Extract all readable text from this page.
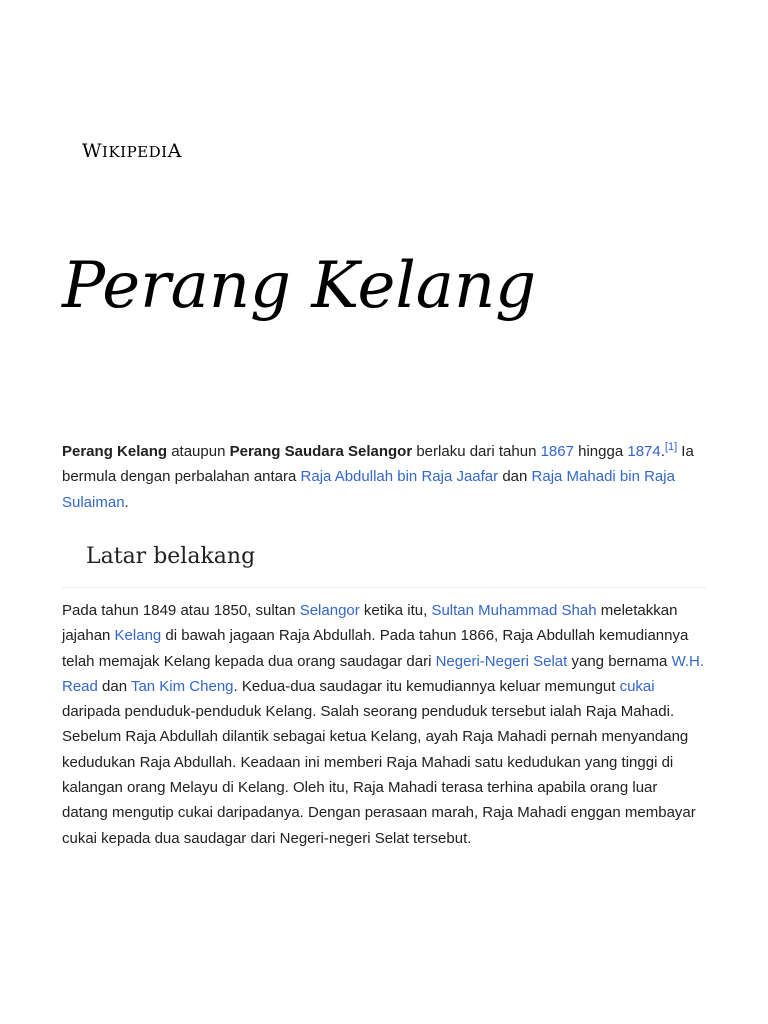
WIKIPEDIA
Perang Kelang

Perang Kelang ataupun Perang Saudara Selangor berlaku dari tahun 1867 hingga 1874.[1] Ia bermula dengan perbalahan antara Raja Abdullah bin Raja Jaafar dan Raja Mahadi bin Raja Sulaiman.

Latar belakang

Pada tahun 1849 atau 1850, sultan Selangor ketika itu, Sultan Muhammad Shah meletakkan jajahan Kelang di bawah jagaan Raja Abdullah. Pada tahun 1866, Raja Abdullah kemudiannya telah memajak Kelang kepada dua orang saudagar dari Negeri-Negeri Selat yang bernama W.H. Read dan Tan Kim Cheng. Kedua-dua saudagar itu kemudiannya keluar memungut cukai daripada penduduk-penduduk Kelang. Salah seorang penduduk tersebut ialah Raja Mahadi. Sebelum Raja Abdullah dilantik sebagai ketua Kelang, ayah Raja Mahadi pernah menyandang kedudukan Raja Abdullah. Keadaan ini memberi Raja Mahadi satu kedudukan yang tinggi di kalangan orang Melayu di Kelang. Oleh itu, Raja Mahadi terasa terhina apabila orang luar datang mengutip cukai daripadanya. Dengan perasaan marah, Raja Mahadi enggan membayar cukai kepada dua saudagar dari Negeri-negeri Selat tersebut.
